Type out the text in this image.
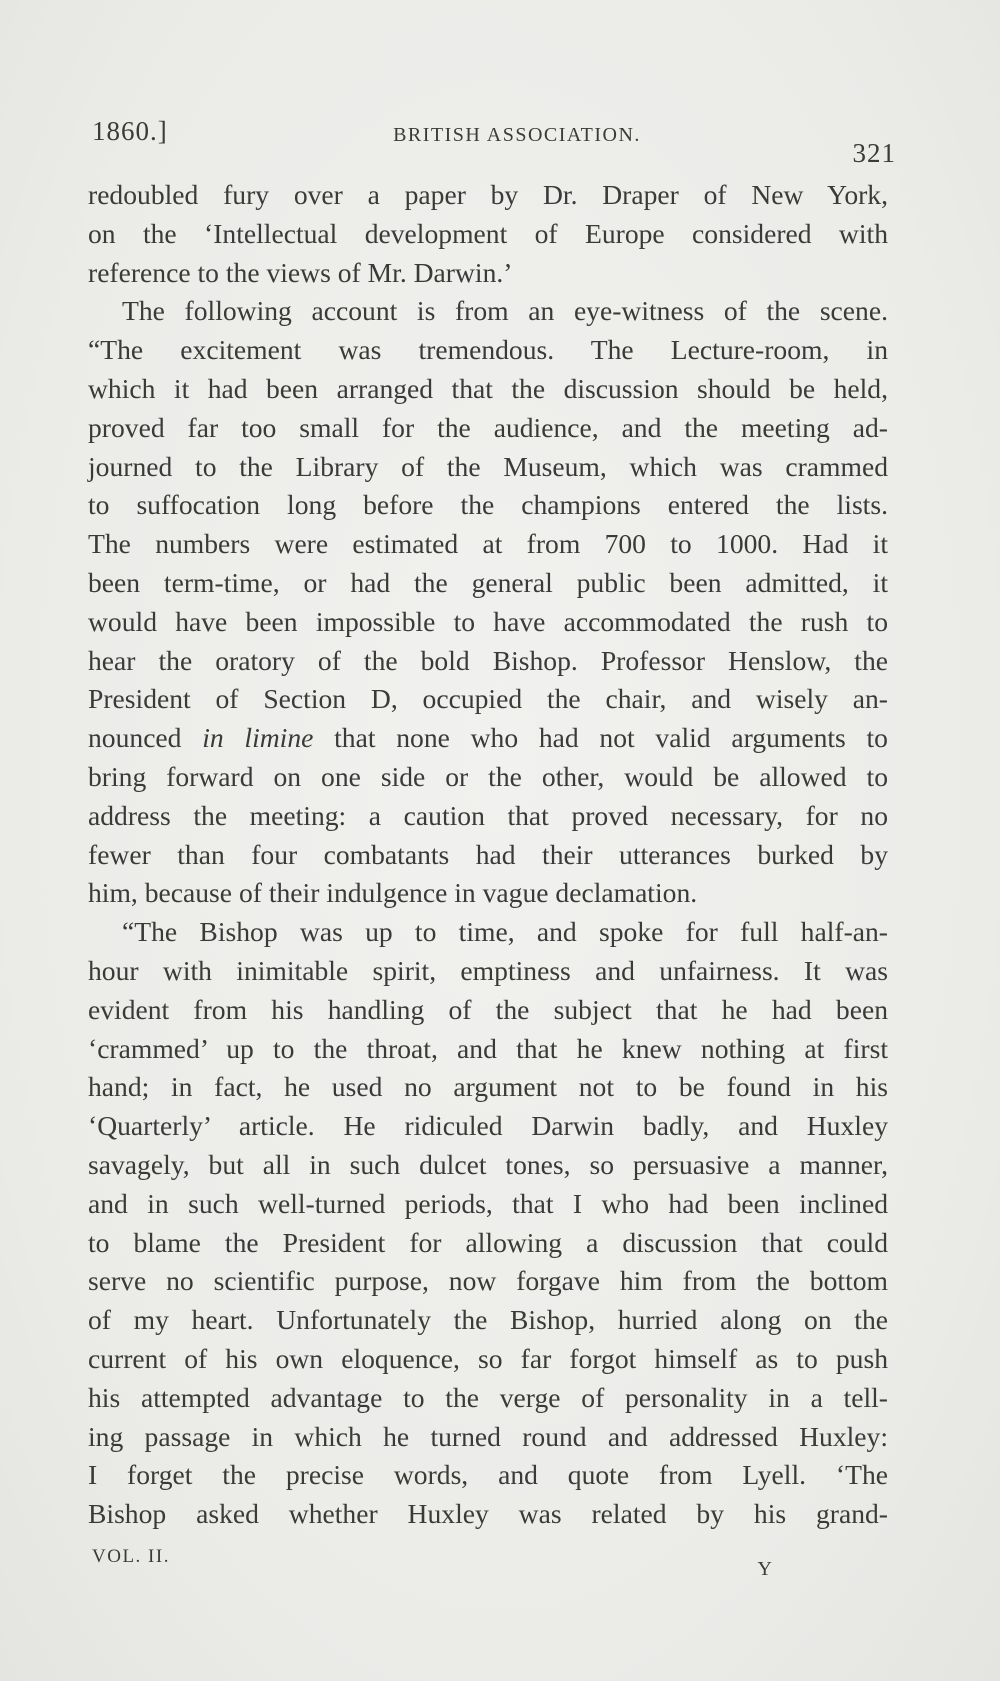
1860.]	BRITISH ASSOCIATION.
321
redoubled fury over a paper by Dr. Draper of New York,
on the ‘Intellectual development of Europe considered with
reference to the views of Mr. Darwin.’
The following account is from an eye-witness of the scene.
“The excitement was tremendous. The Lecture-room, in
which it had been arranged that the discussion should be held,
proved far too small for the audience, and the meeting ad-
journed to the Library of the Museum, which was crammed
to suffocation long before the champions entered the lists.
The numbers were estimated at from 700 to 1000. Had it
been term-time, or had the general public been admitted, it
would have been impossible to have accommodated the rush to
hear the oratory of the bold Bishop. Professor Henslow, the
President of Section D, occupied the chair, and wisely an-
nounced in limine that none who had not valid arguments to
bring forward on one side or the other, would be allowed to
address the meeting: a caution that proved necessary, for no
fewer than four combatants had their utterances burked by
him, because of their indulgence in vague declamation.
“The Bishop was up to time, and spoke for full half-an-
hour with inimitable spirit, emptiness and unfairness. It was
evident from his handling of the subject that he had been
‘crammed’ up to the throat, and that he knew nothing at first
hand; in fact, he used no argument not to be found in his
‘Quarterly’ article. He ridiculed Darwin badly, and Huxley
savagely, but all in such dulcet tones, so persuasive a manner,
and in such well-turned periods, that I who had been inclined
to blame the President for allowing a discussion that could
serve no scientific purpose, now forgave him from the bottom
of my heart. Unfortunately the Bishop, hurried along on the
current of his own eloquence, so far forgot himself as to push
his attempted advantage to the verge of personality in a tell-
ing passage in which he turned round and addressed Huxley:
I forget the precise words, and quote from Lyell. ‘The
Bishop asked whether Huxley was related by his grand-
VOL. II.
Y
